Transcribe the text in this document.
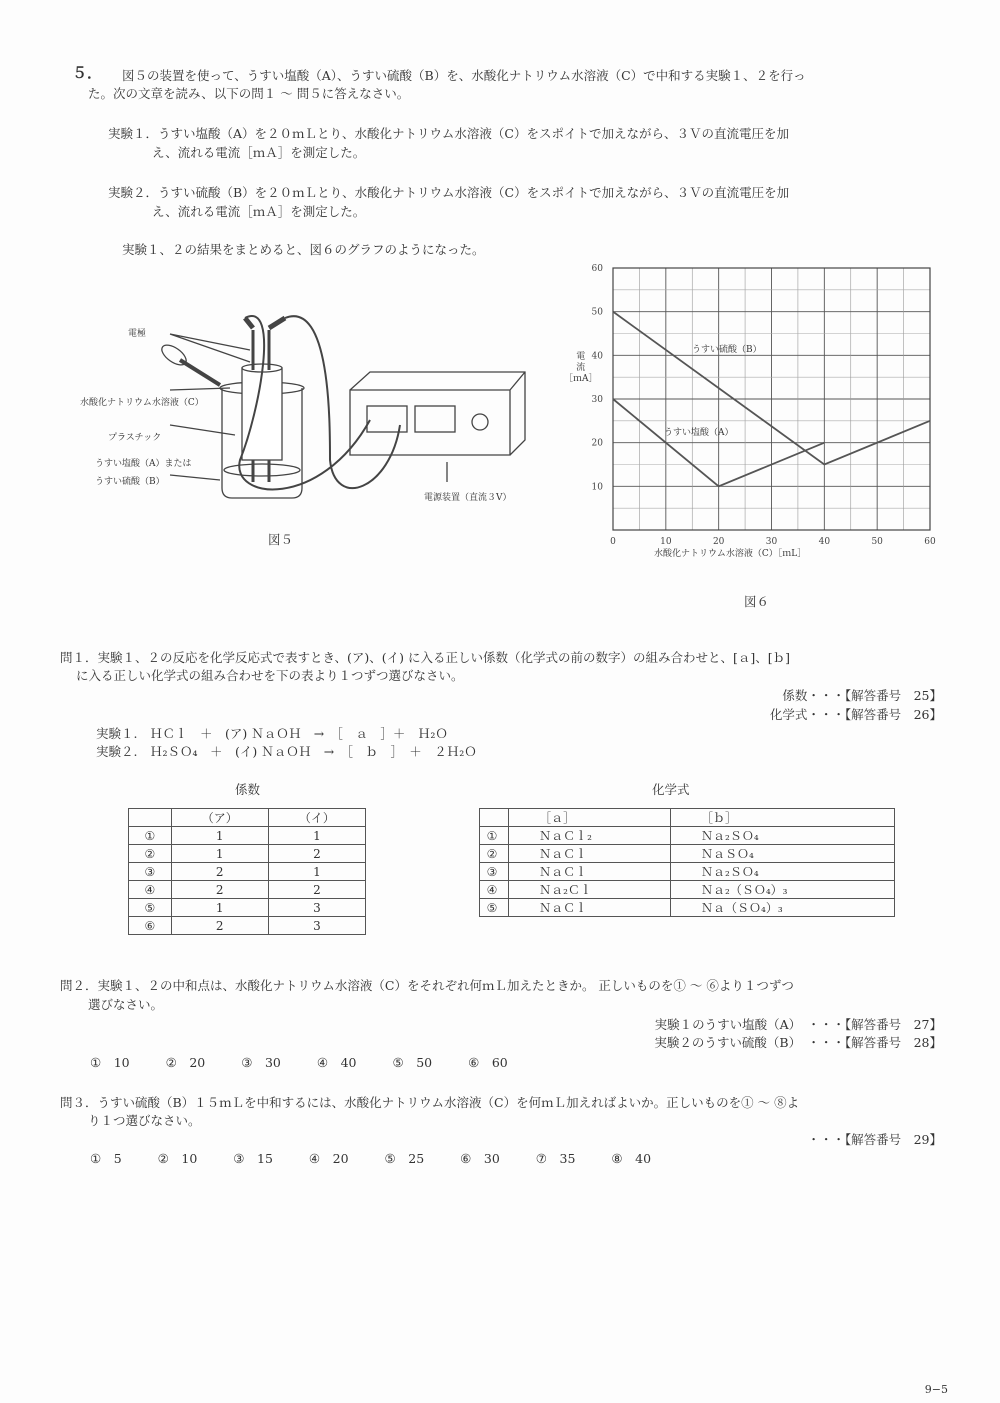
５． 図５の装置を使って、うすい塩酸（A）、うすい硫酸（B）を、水酸化ナトリウム水溶液（C）で中和する実験１、２を行っ
た。次の文章を読み、以下の問１ ～ 問５に答えなさい。
実験１．うすい塩酸（A）を２０ｍＬとり、水酸化ナトリウム水溶液（C）をスポイトで加えながら、３Ｖの直流電圧を加
え、流れる電流［ｍＡ］を測定した。
実験２．うすい硫酸（B）を２０ｍＬとり、水酸化ナトリウム水溶液（C）をスポイトで加えながら、３Ｖの直流電圧を加
え、流れる電流［ｍＡ］を測定した。
実験１、２の結果をまとめると、図６のグラフのようになった。
電極
水酸化ナトリウム水溶液（C）
プラスチック
うすい塩酸（A）または
うすい硫酸（B）
電源装置（直流３V）
図５	0	10	20	30	40	50	60
10
20
30
40
50
60
電
流
［ｍA］
水酸化ナトリウム水溶液（C）［ｍL］
うすい硫酸（B）
うすい塩酸（A）
図６
問１．実験１、２の反応を化学反応式で表すとき、(ア)、(イ) に入る正しい係数（化学式の前の数字）の組み合わせと、[ａ]、[ｂ]
に入る正しい化学式の組み合わせを下の表より１つずつ選びなさい。
係数・・・【解答番号　25】
化学式・・・【解答番号　26】
実験１.　ＨＣｌ　＋　(ア) ＮａＯＨ　→　［　ａ　］＋　Ｈ₂Ｏ
実験２.　Ｈ₂ＳＯ₄　＋　(イ) ＮａＯＨ　→　［　ｂ　］　＋　２Ｈ₂Ｏ
係数
	（ア）	（イ）
①	1	1
②	1	2
③	2	1
④	2	2
⑤	1	3
⑥	2	3
化学式
	［ａ］	［ｂ］
①	ＮａＣｌ₂	Ｎａ₂ＳＯ₄
②	ＮａＣｌ	ＮａＳＯ₄
③	ＮａＣｌ	Ｎａ₂ＳＯ₄
④	Ｎａ₂Ｃｌ	Ｎａ₂（ＳＯ₄）₃
⑤	ＮａＣｌ	Ｎａ（ＳＯ₄）₃
問２．実験１、２の中和点は、水酸化ナトリウム水溶液（C）をそれぞれ何ｍＬ加えたときか。 正しいものを① ～ ⑥より１つずつ
選びなさい。
実験１のうすい塩酸（A）　・・・【解答番号　27】
実験２のうすい硫酸（B）　・・・【解答番号　28】
①　10	②　20	③　30	④　40	⑤　50	⑥　60
問３．うすい硫酸（B）１５ｍＬを中和するには、水酸化ナトリウム水溶液（C）を何ｍＬ加えればよいか。正しいものを① ～ ⑧よ
り１つ選びなさい。
・・・【解答番号　29】
①　5	②　10	③　15	④　20	⑤　25	⑥　30	⑦　35	⑧　40
9−5
